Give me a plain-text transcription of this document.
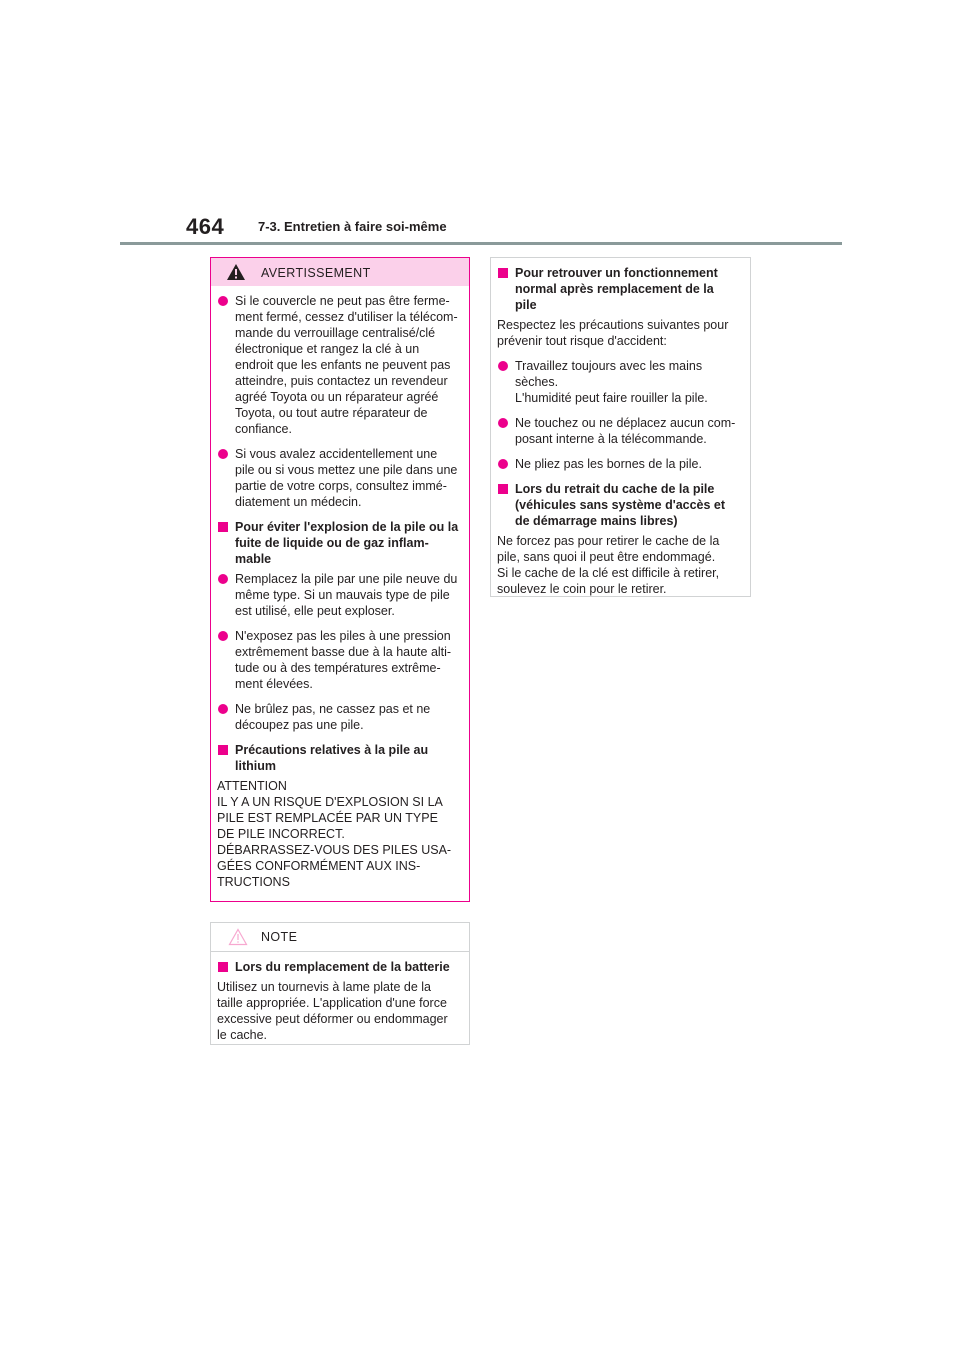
464	7-3. Entretien à faire soi-même
AVERTISSEMENT
Si le couvercle ne peut pas être ferme-
ment fermé, cessez d'utiliser la télécom-
mande du verrouillage centralisé/clé
électronique et rangez la clé à un
endroit que les enfants ne peuvent pas
atteindre, puis contactez un revendeur
agréé Toyota ou un réparateur agréé
Toyota, ou tout autre réparateur de
confiance.
Si vous avalez accidentellement une
pile ou si vous mettez une pile dans une
partie de votre corps, consultez immé-
diatement un médecin.
Pour éviter l'explosion de la pile ou la
fuite de liquide ou de gaz inflam-
mable
Remplacez la pile par une pile neuve du
même type. Si un mauvais type de pile
est utilisé, elle peut exploser.
N'exposez pas les piles à une pression
extrêmement basse due à la haute alti-
tude ou à des températures extrême-
ment élevées.
Ne brûlez pas, ne cassez pas et ne
découpez pas une pile.
Précautions relatives à la pile au
lithium
ATTENTION
IL Y A UN RISQUE D'EXPLOSION SI LA
PILE EST REMPLACÉE PAR UN TYPE
DE PILE INCORRECT.
DÉBARRASSEZ-VOUS DES PILES USA-
GÉES CONFORMÉMENT AUX INS-
TRUCTIONS
NOTE
Lors du remplacement de la batterie
Utilisez un tournevis à lame plate de la
taille appropriée. L'application d'une force
excessive peut déformer ou endommager
le cache.
Pour retrouver un fonctionnement
normal après remplacement de la
pile
Respectez les précautions suivantes pour
prévenir tout risque d'accident:
Travaillez toujours avec les mains
sèches.
L'humidité peut faire rouiller la pile.
Ne touchez ou ne déplacez aucun com-
posant interne à la télécommande.
Ne pliez pas les bornes de la pile.
Lors du retrait du cache de la pile
(véhicules sans système d'accès et
de démarrage mains libres)
Ne forcez pas pour retirer le cache de la
pile, sans quoi il peut être endommagé.
Si le cache de la clé est difficile à retirer,
soulevez le coin pour le retirer.
